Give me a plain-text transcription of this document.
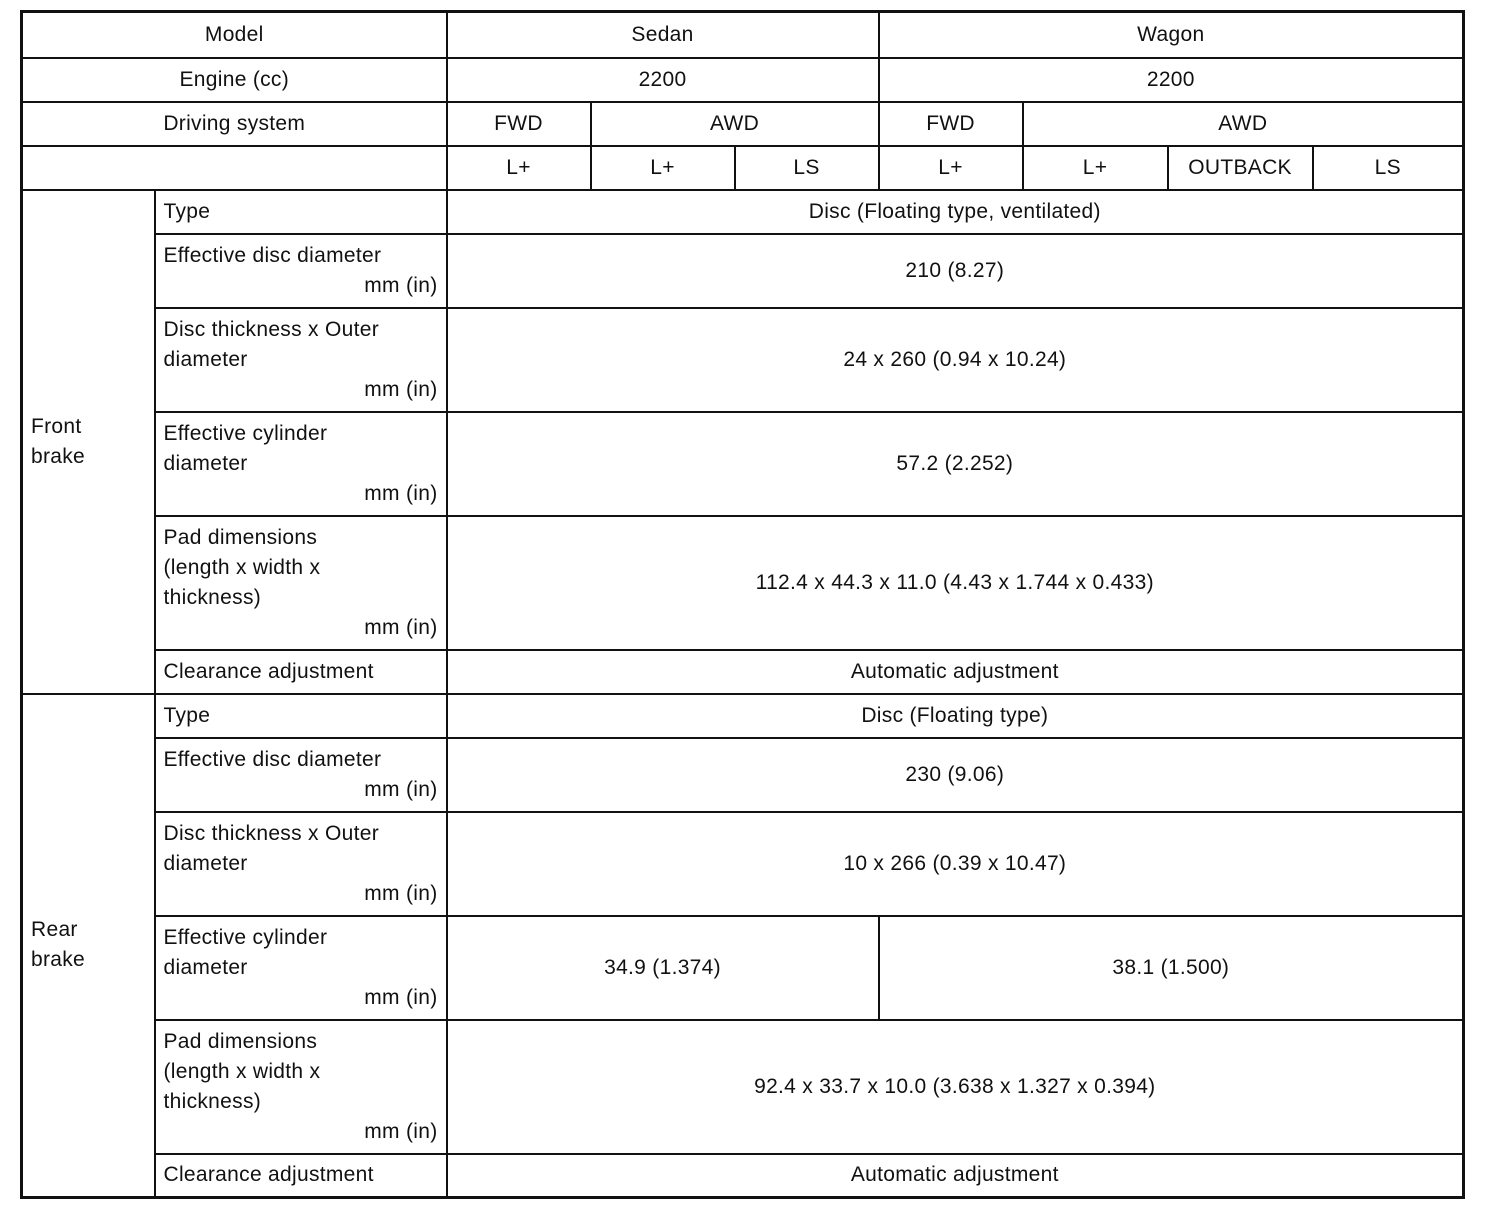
Model		Sedan			Wagon			
Engine (cc)		2200			2200			
Driving system		FWD	AWD		FWD	AWD		
		L+	L+	LS	L+	L+	OUTBACK	LS

Front
brake	Type	Disc (Floating type, ventilated)						

	Effective disc diameter
mm (in)	210 (8.27)						

	Disc thickness x Outer
diameter
mm (in)	24 x 260 (0.94 x 10.24)						

	Effective cylinder
diameter
mm (in)	57.2 (2.252)						

	Pad dimensions
(length x width x
thickness)
mm (in)	112.4 x 44.3 x 11.0 (4.43 x 1.744 x 0.433)						
	Clearance adjustment	Automatic adjustment						

Rear
brake	Type	Disc (Floating type)						

	Effective disc diameter
mm (in)	230 (9.06)						

	Disc thickness x Outer
diameter
mm (in)	10 x 266 (0.39 x 10.47)						

	Effective cylinder
diameter
mm (in)	34.9 (1.374)			38.1 (1.500)			

	Pad dimensions
(length x width x
thickness)
mm (in)	92.4 x 33.7 x 10.0 (3.638 x 1.327 x 0.394)						
	Clearance adjustment	Automatic adjustment						
